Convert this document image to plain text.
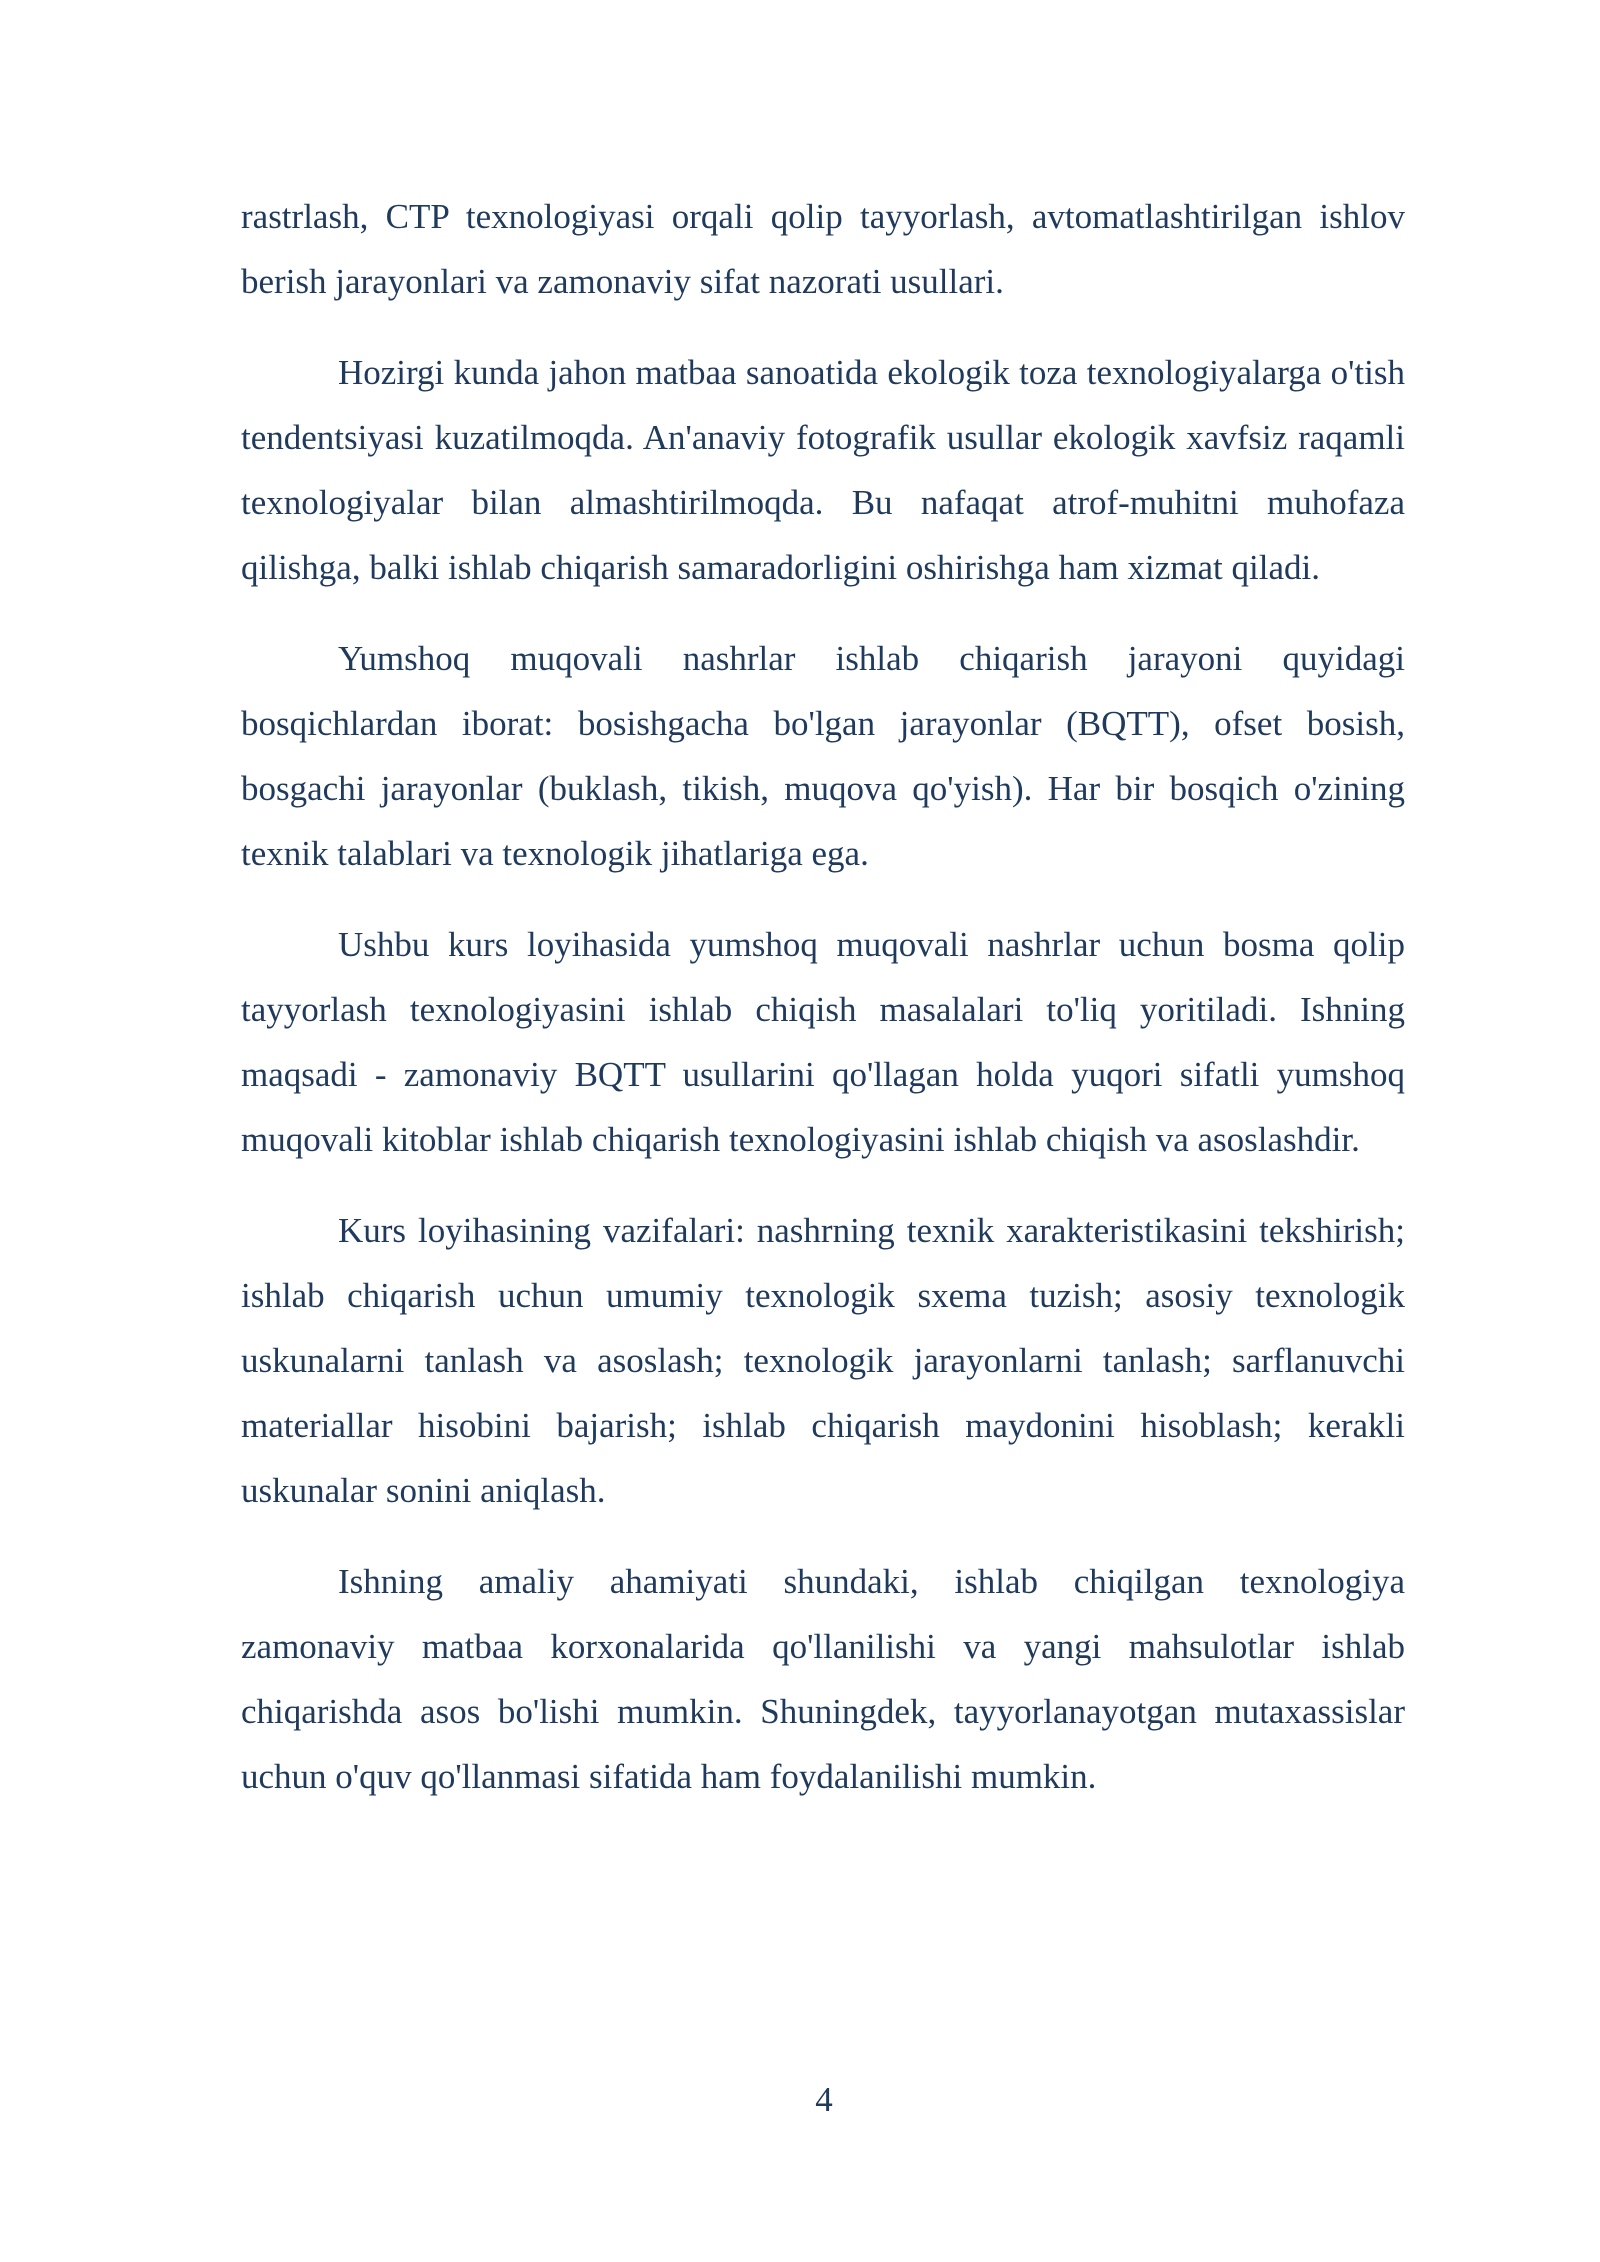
rastrlash, CTP texnologiyasi orqali qolip tayyorlash, avtomatlashtirilgan ishlov berish jarayonlari va zamonaviy sifat nazorati usullari.

Hozirgi kunda jahon matbaa sanoatida ekologik toza texnologiyalarga o'tish tendentsiyasi kuzatilmoqda. An'anaviy fotografik usullar ekologik xavfsiz raqamli texnologiyalar bilan almashtirilmoqda. Bu nafaqat atrof-muhitni muhofaza qilishga, balki ishlab chiqarish samaradorligini oshirishga ham xizmat qiladi.

Yumshoq muqovali nashrlar ishlab chiqarish jarayoni quyidagi bosqichlardan iborat: bosishgacha bo'lgan jarayonlar (BQTT), ofset bosish, bosgachi jarayonlar (buklash, tikish, muqova qo'yish). Har bir bosqich o'zining texnik talablari va texnologik jihatlariga ega.

Ushbu kurs loyihasida yumshoq muqovali nashrlar uchun bosma qolip tayyorlash texnologiyasini ishlab chiqish masalalari to'liq yoritiladi. Ishning maqsadi - zamonaviy BQTT usullarini qo'llagan holda yuqori sifatli yumshoq muqovali kitoblar ishlab chiqarish texnologiyasini ishlab chiqish va asoslashdir.

Kurs loyihasining vazifalari: nashrning texnik xarakteristikasini tekshirish; ishlab chiqarish uchun umumiy texnologik sxema tuzish; asosiy texnologik uskunalarni tanlash va asoslash; texnologik jarayonlarni tanlash; sarflanuvchi materiallar hisobini bajarish; ishlab chiqarish maydonini hisoblash; kerakli uskunalar sonini aniqlash.

Ishning amaliy ahamiyati shundaki, ishlab chiqilgan texnologiya zamonaviy matbaa korxonalarida qo'llanilishi va yangi mahsulotlar ishlab chiqarishda asos bo'lishi mumkin. Shuningdek, tayyorlanayotgan mutaxassislar uchun o'quv qo'llanmasi sifatida ham foydalanilishi mumkin.

4
